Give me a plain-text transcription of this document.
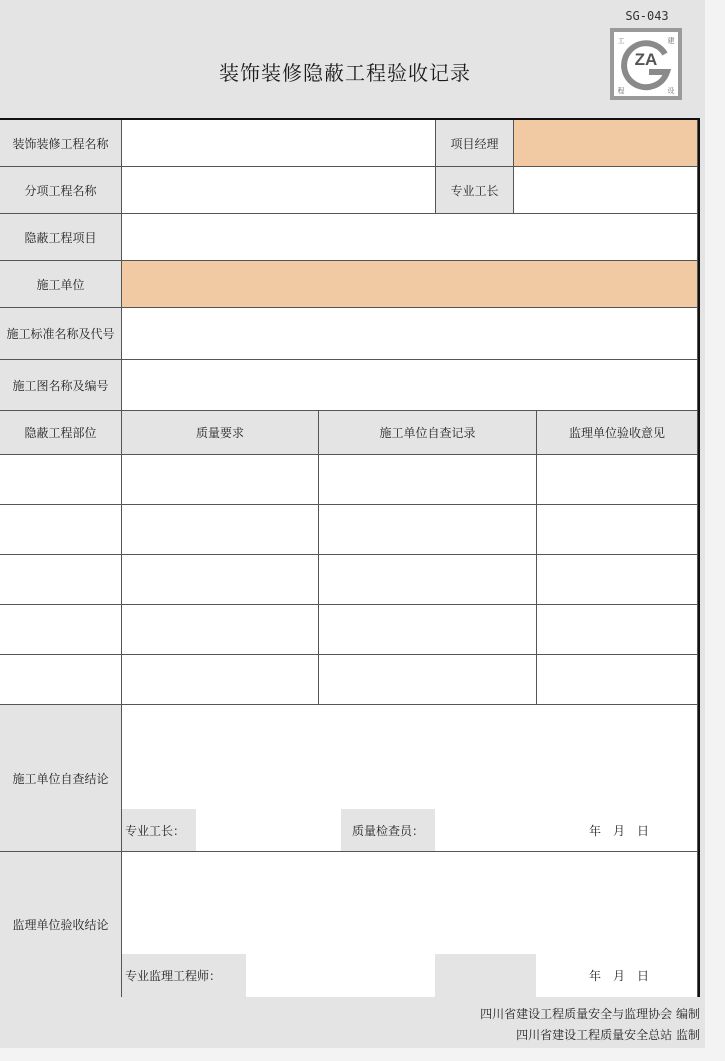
SG-043
ZA
工	建
程	设
装饰装修隐蔽工程验收记录
装饰装修工程名称	项目经理
分项工程名称	专业工长
隐蔽工程项目
施工单位
施工标准名称及代号
施工图名称及编号
隐蔽工程部位	质量要求	施工单位自查记录	监理单位验收意见
施工单位自查结论
专业工长：	质量检查员：	年　月　日
监理单位验收结论
专业监理工程师：	年　月　日
四川省建设工程质量安全与监理协会 编制
四川省建设工程质量安全总站 监制
